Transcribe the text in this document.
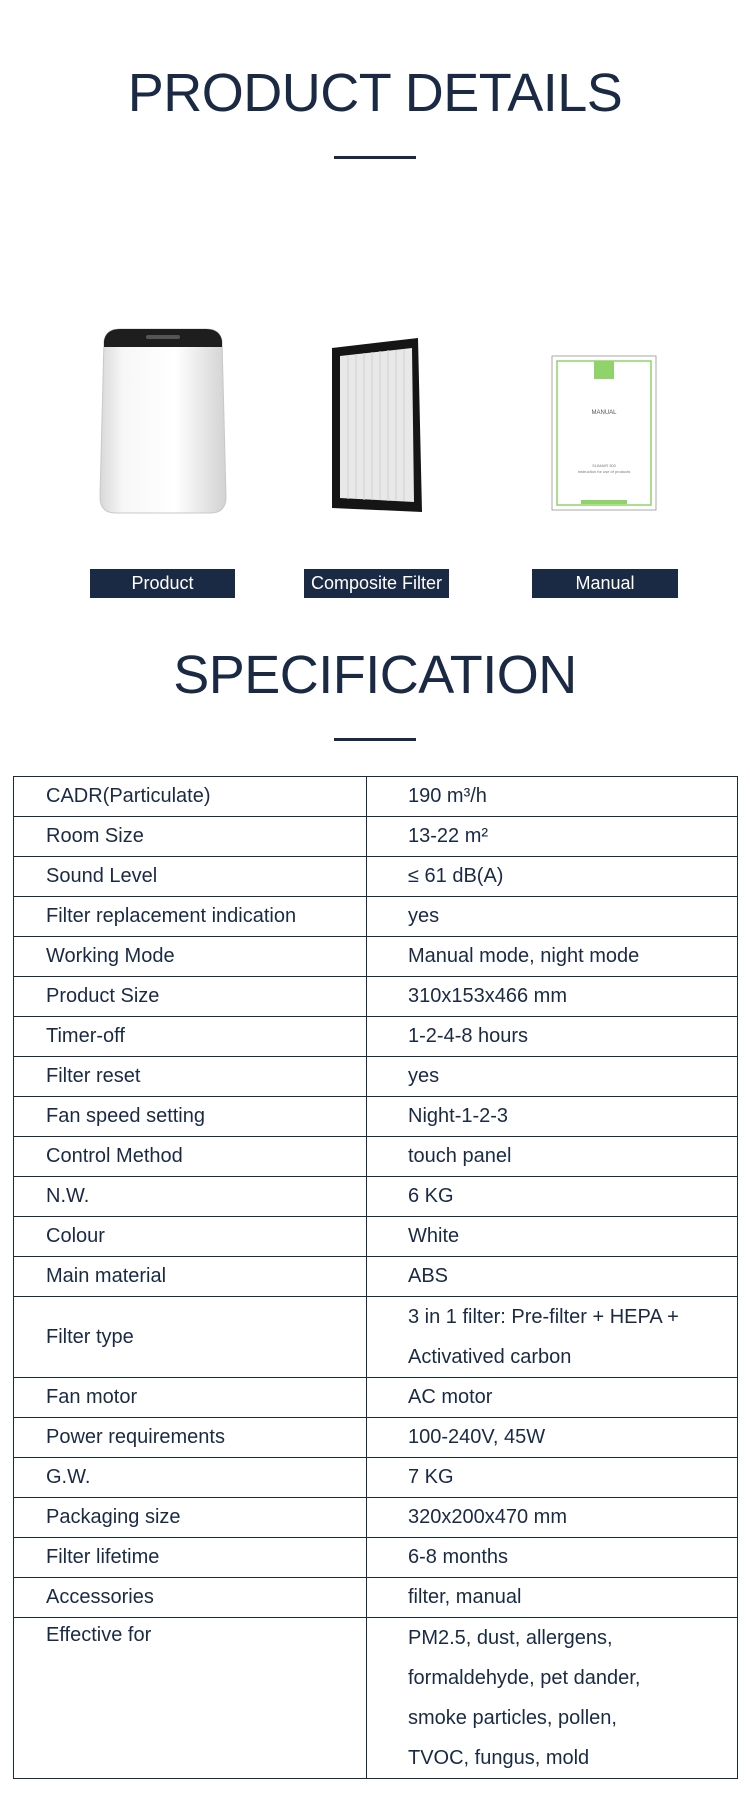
PRODUCT DETAILS
MANUAL
SLIMAIR 300
Instruction for use of products
Product	Composite Filter	Manual
SPECIFICATION
CADR(Particulate)	190 m³/h
Room Size	13-22 m²
Sound Level	≤ 61 dB(A)
Filter replacement indication	yes
Working Mode	Manual mode, night mode
Product Size	310x153x466 mm
Timer-off	1-2-4-8 hours
Filter reset	yes
Fan speed setting	Night-1-2-3
Control Method	touch panel
N.W.	6 KG
Colour	White
Main material	ABS
Filter type	3 in 1 filter: Pre-filter + HEPA +
Activatived carbon

Fan motor	AC motor
Power requirements	100-240V, 45W
G.W.	7 KG
Packaging size	320x200x470 mm
Filter lifetime	6-8 months
Accessories	filter, manual
Effective for	PM2.5, dust, allergens,
formaldehyde, pet dander,
smoke particles, pollen,
TVOC, fungus, mold
